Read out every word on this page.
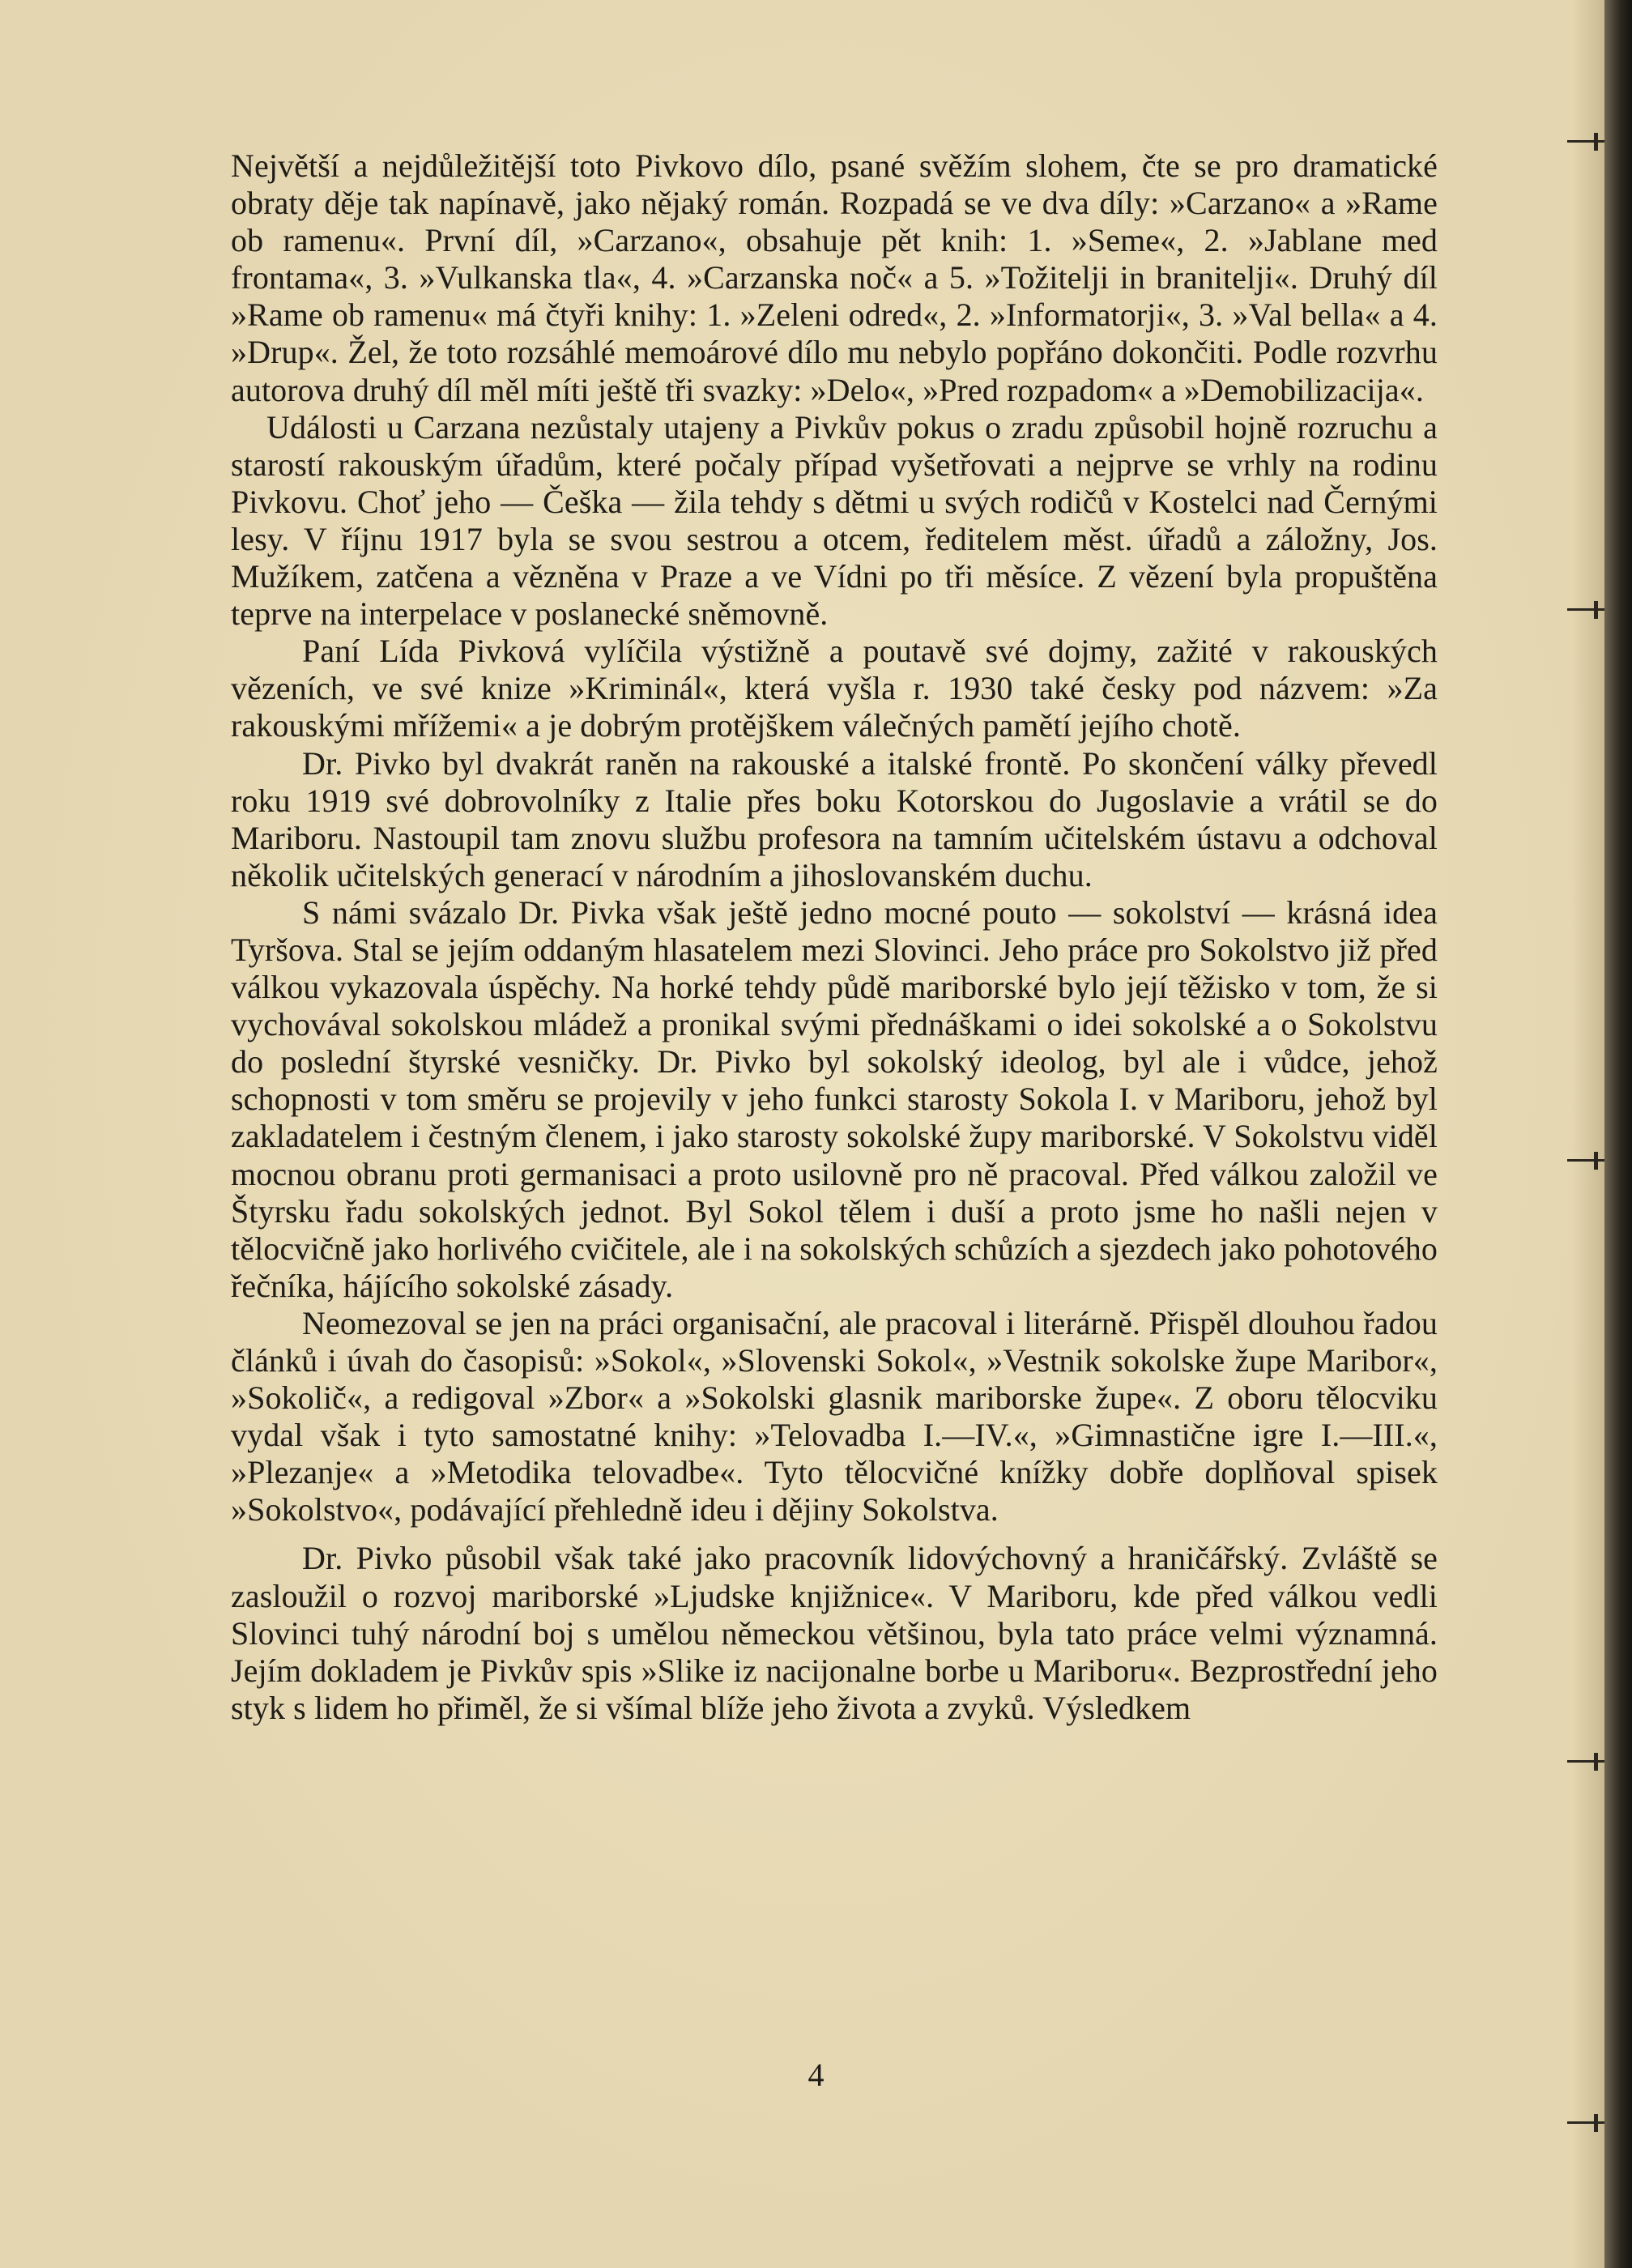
Největší a nejdůležitější toto Pivkovo dílo, psané svěžím slohem, čte se pro dramatické obraty děje tak napínavě, jako nějaký román. Rozpadá se ve dva díly: »Carzano« a »Rame ob ramenu«. První díl, »Carzano«, obsahuje pět knih: 1. »Seme«, 2. »Jablane med frontama«, 3. »Vulkanska tla«, 4. »Carzanska noč« a 5. »Tožitelji in branitelji«. Druhý díl »Rame ob ramenu« má čtyři knihy: 1. »Zeleni odred«, 2. »Informatorji«, 3. »Val bella« a 4. »Drup«. Žel, že toto rozsáhlé memoárové dílo mu nebylo popřáno dokončiti. Podle rozvrhu autorova druhý díl měl míti ještě tři svazky: »Delo«, »Pred rozpadom« a »Demobilizacija«.

Události u Carzana nezůstaly utajeny a Pivkův pokus o zradu způsobil hojně rozruchu a starostí rakouským úřadům, které počaly případ vyšetřovati a nejprve se vrhly na rodinu Pivkovu. Choť jeho — Češka — žila tehdy s dětmi u svých rodičů v Kostelci nad Černými lesy. V říjnu 1917 byla se svou sestrou a otcem, ředitelem měst. úřadů a záložny, Jos. Mužíkem, zatčena a vězněna v Praze a ve Vídni po tři měsíce. Z vězení byla propuštěna teprve na interpelace v poslanecké sněmovně.

Paní Lída Pivková vylíčila výstižně a poutavě své dojmy, zažité v rakouských vězeních, ve své knize »Kriminál«, která vyšla r. 1930 také česky pod názvem: »Za rakouskými mřížemi« a je dobrým protějškem válečných pamětí jejího chotě.

Dr. Pivko byl dvakrát raněn na rakouské a italské frontě. Po skončení války převedl roku 1919 své dobrovolníky z Italie přes boku Kotorskou do Jugoslavie a vrátil se do Mariboru. Nastoupil tam znovu službu profesora na tamním učitelském ústavu a odchoval několik učitelských generací v národním a jihoslovanském duchu.

S námi svázalo Dr. Pivka však ještě jedno mocné pouto — sokolství — krásná idea Tyršova. Stal se jejím oddaným hlasatelem mezi Slovinci. Jeho práce pro Sokolstvo již před válkou vykazovala úspěchy. Na horké tehdy půdě mariborské bylo její těžisko v tom, že si vychovával sokolskou mládež a pronikal svými přednáškami o idei sokolské a o Sokolstvu do poslední štyrské vesničky. Dr. Pivko byl sokolský ideolog, byl ale i vůdce, jehož schopnosti v tom směru se projevily v jeho funkci starosty Sokola I. v Mariboru, jehož byl zakladatelem i čestným členem, i jako starosty sokolské župy mariborské. V Sokolstvu viděl mocnou obranu proti germanisaci a proto usilovně pro ně pracoval. Před válkou založil ve Štyrsku řadu sokolských jednot. Byl Sokol tělem i duší a proto jsme ho našli nejen v tělocvičně jako horlivého cvičitele, ale i na sokolských schůzích a sjezdech jako pohotového řečníka, hájícího sokolské zásady.

Neomezoval se jen na práci organisační, ale pracoval i literárně. Přispěl dlouhou řadou článků i úvah do časopisů: »Sokol«, »Slovenski Sokol«, »Vestnik sokolske župe Maribor«, »Sokolič«, a redigoval »Zbor« a »Sokolski glasnik mariborske župe«. Z oboru tělocviku vydal však i tyto samostatné knihy: »Telovadba I.—IV.«, »Gimnastične igre I.—III.«, »Plezanje« a »Metodika telovadbe«. Tyto tělocvičné knížky dobře doplňoval spisek »Sokolstvo«, podávající přehledně ideu i dějiny Sokolstva.

Dr. Pivko působil však také jako pracovník lidovýchovný a hraničářský. Zvláště se zasloužil o rozvoj mariborské »Ljudske knjižnice«. V Mariboru, kde před válkou vedli Slovinci tuhý národní boj s umělou německou většinou, byla tato práce velmi významná. Jejím dokladem je Pivkův spis »Slike iz nacijonalne borbe u Mariboru«. Bezprostřední jeho styk s lidem ho přiměl, že si všímal blíže jeho života a zvyků. Výsledkem

4
